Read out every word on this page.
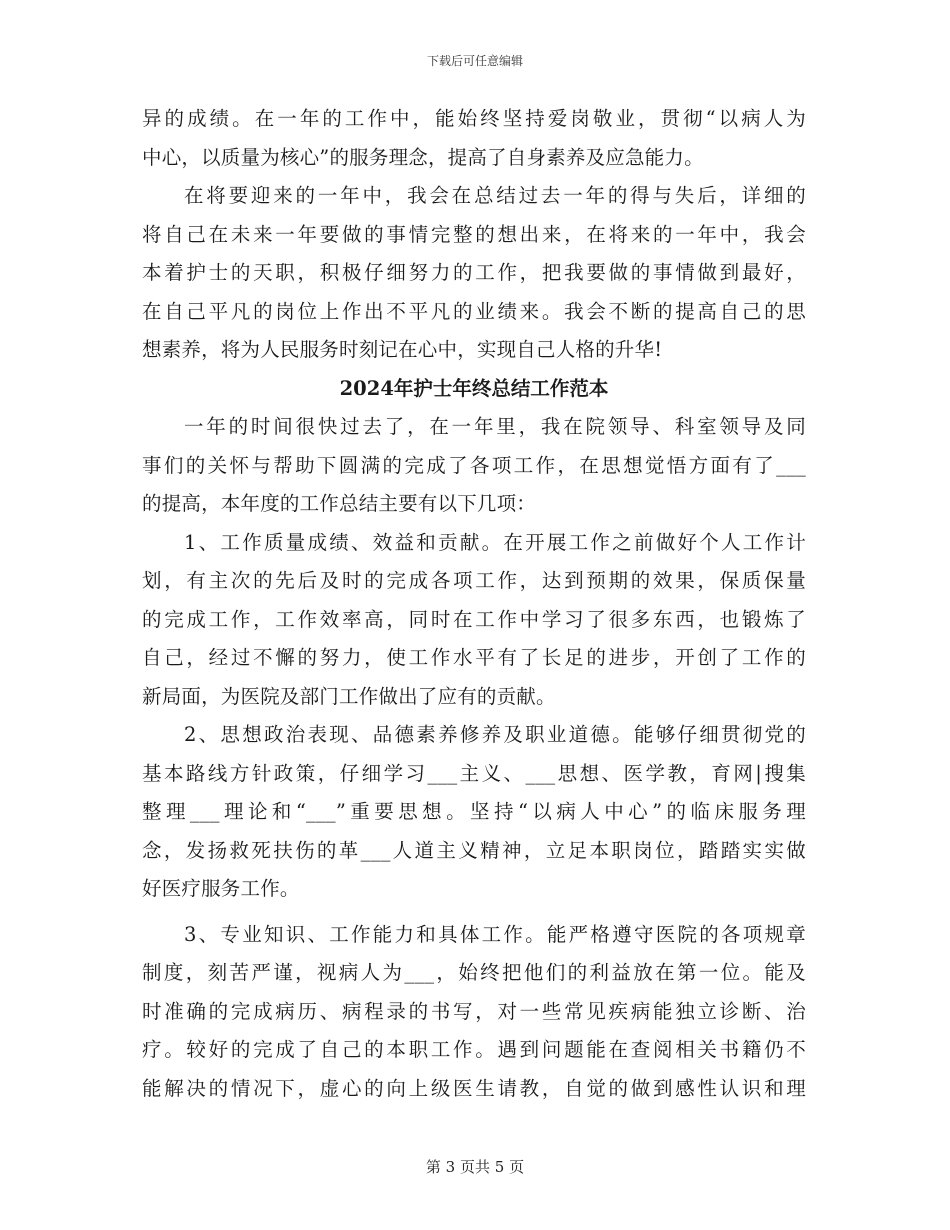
下载后可任意编辑
异的成绩。在一年的工作中，能始终坚持爱岗敬业，贯彻“以病人为
中心，以质量为核心”的服务理念，提高了自身素养及应急能力。
在将要迎来的一年中，我会在总结过去一年的得与失后，详细的
将自己在未来一年要做的事情完整的想出来，在将来的一年中，我会
本着护士的天职，积极仔细努力的工作，把我要做的事情做到最好，
在自己平凡的岗位上作出不平凡的业绩来。我会不断的提高自己的思
想素养，将为人民服务时刻记在心中，实现自己人格的升华!
2024年护士年终总结工作范本
一年的时间很快过去了，在一年里，我在院领导、科室领导及同
事们的关怀与帮助下圆满的完成了各项工作，在思想觉悟方面有了___
的提高，本年度的工作总结主要有以下几项：
1、工作质量成绩、效益和贡献。在开展工作之前做好个人工作计
划，有主次的先后及时的完成各项工作，达到预期的效果，保质保量
的完成工作，工作效率高，同时在工作中学习了很多东西，也锻炼了
自己，经过不懈的努力，使工作水平有了长足的进步，开创了工作的
新局面，为医院及部门工作做出了应有的贡献。
2、思想政治表现、品德素养修养及职业道德。能够仔细贯彻党的
基本路线方针政策，仔细学习___主义、___思想、医学教，育网|搜集
整理___理论和“___”重要思想。坚持“以病人中心”的临床服务理
念，发扬救死扶伤的革___人道主义精神，立足本职岗位，踏踏实实做
好医疗服务工作。
3、专业知识、工作能力和具体工作。能严格遵守医院的各项规章
制度，刻苦严谨，视病人为___，始终把他们的利益放在第一位。能及
时准确的完成病历、病程录的书写，对一些常见疾病能独立诊断、治
疗。较好的完成了自己的本职工作。遇到问题能在查阅相关书籍仍不
能解决的情况下，虚心的向上级医生请教，自觉的做到感性认识和理
第 3 页共 5 页
